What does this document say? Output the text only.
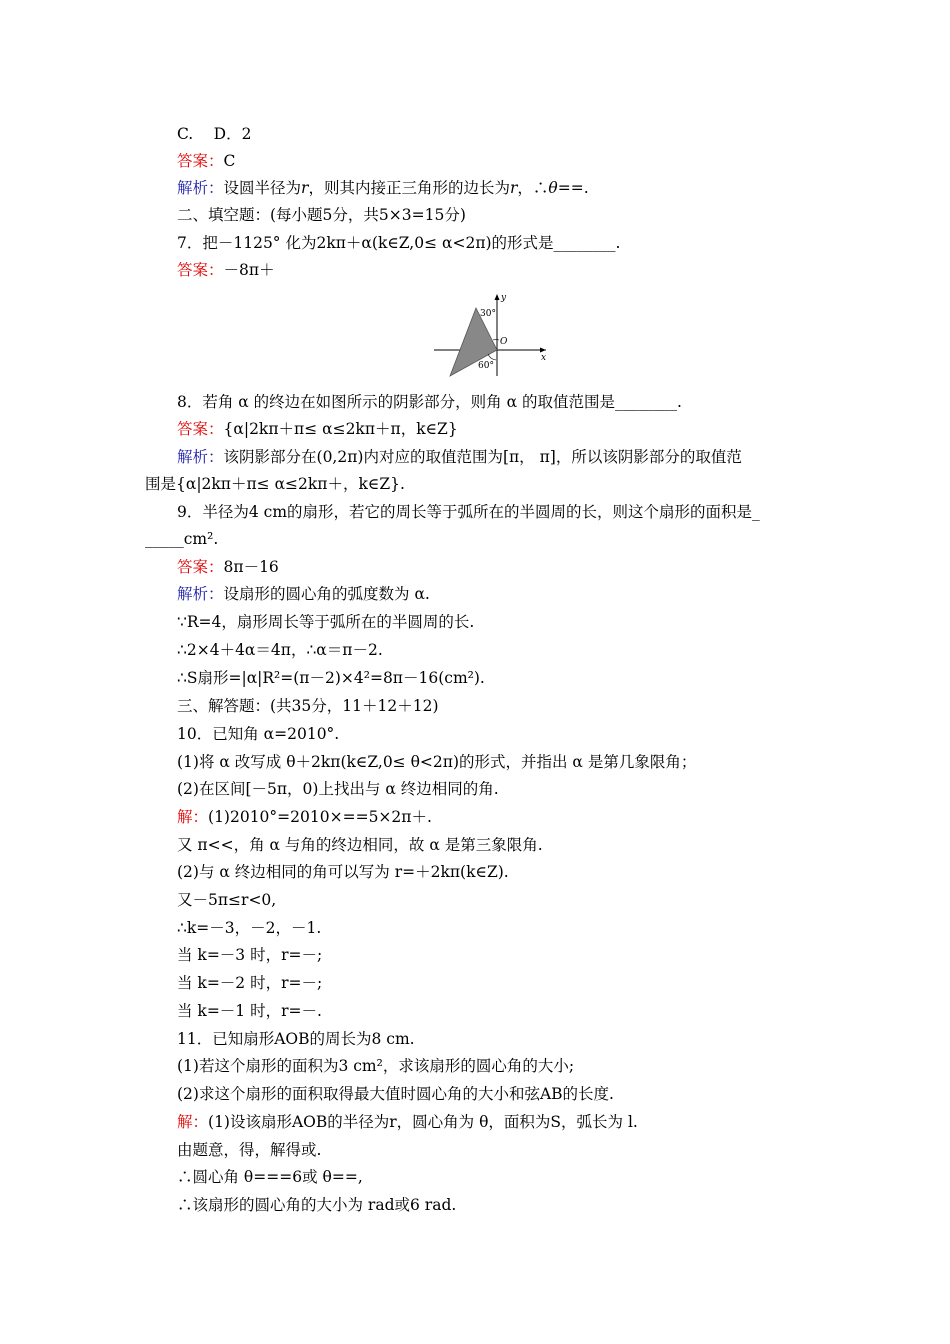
C.　 D．2
答案：C
解析：设圆半径为r，则其内接正三角形的边长为r，∴θ==.
二、填空题：(每小题5分，共5×3=15分)
7．把－1125° 化为2kπ＋α(k∈Z,0≤ α<2π)的形式是________.
答案：－8π＋
30°
O
x
y
60°
8．若角 α 的终边在如图所示的阴影部分，则角 α 的取值范围是________.
答案：{α|2kπ＋π≤ α≤2kπ＋π，k∈Z}
解析：该阴影部分在(0,2π)内对应的取值范围为[π， π]，所以该阴影部分的取值范
围是{α|2kπ＋π≤ α≤2kπ＋，k∈Z}.
9．半径为4 cm的扇形，若它的周长等于弧所在的半圆周的长，则这个扇形的面积是_
_____cm².
答案：8π－16
解析：设扇形的圆心角的弧度数为 α.
∵R=4，扇形周长等于弧所在的半圆周的长.
∴2×4＋4α＝4π，∴α＝π－2.
∴S扇形=|α|R²=(π－2)×4²=8π－16(cm²).
三、解答题：(共35分，11＋12＋12)
10．已知角 α=2010°.
(1)将 α 改写成 θ＋2kπ(k∈Z,0≤ θ<2π)的形式，并指出 α 是第几象限角；
(2)在区间[－5π，0)上找出与 α 终边相同的角.
解：(1)2010°=2010×==5×2π＋.
又 π<<，角 α 与角的终边相同，故 α 是第三象限角.
(2)与 α 终边相同的角可以写为 r=＋2kπ(k∈Z).
又－5π≤r<0,
∴k=－3，－2，－1.
当 k=－3 时，r=－;
当 k=－2 时，r=－;
当 k=－1 时，r=－.
11．已知扇形AOB的周长为8 cm.
(1)若这个扇形的面积为3 cm²，求该扇形的圆心角的大小;
(2)求这个扇形的面积取得最大值时圆心角的大小和弦AB的长度.
解：(1)设该扇形AOB的半径为r，圆心角为 θ，面积为S，弧长为 l.
由题意，得，解得或.
∴圆心角 θ===6或 θ==,
∴该扇形的圆心角的大小为 rad或6 rad.
